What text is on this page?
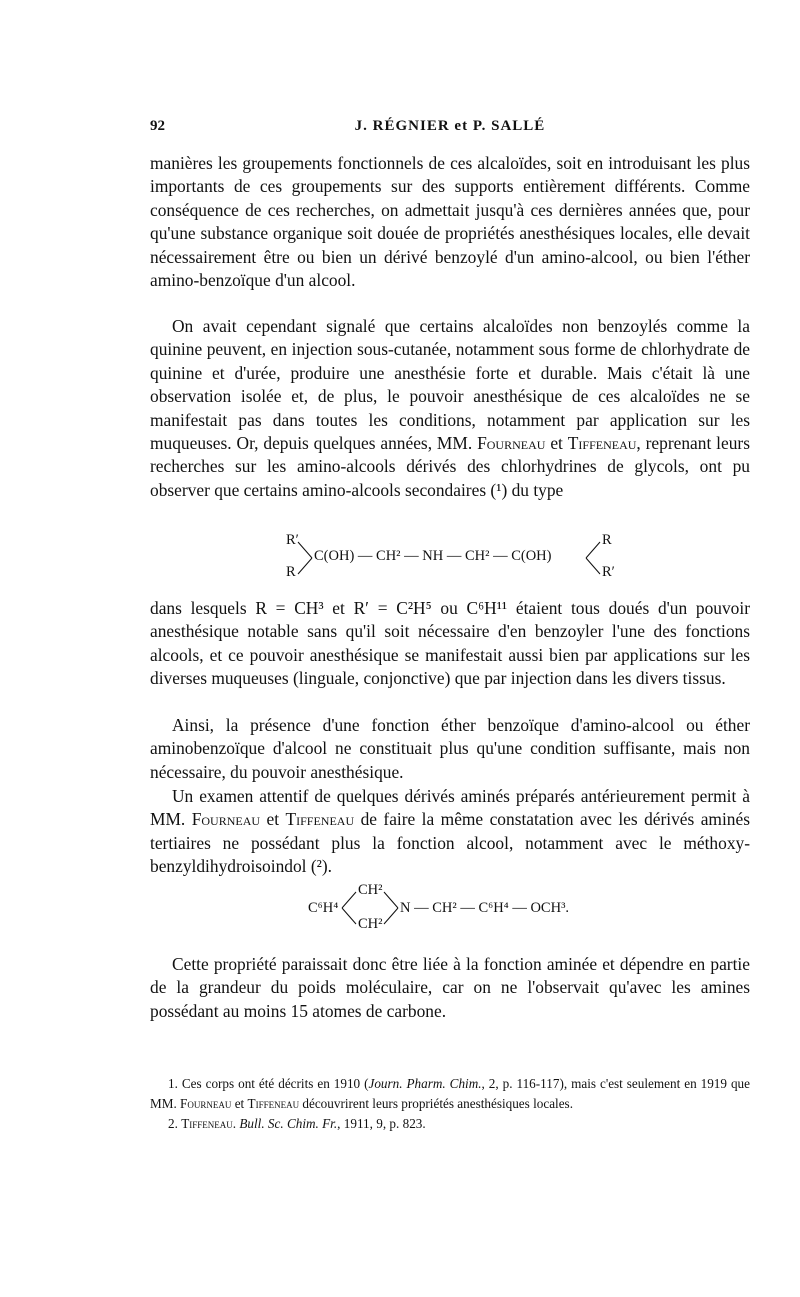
92	J. RÉGNIER et P. SALLÉ

manières les groupements fonctionnels de ces alcaloïdes, soit en introduisant les plus importants de ces groupements sur des supports entièrement différents. Comme conséquence de ces recherches, on admettait jusqu'à ces dernières années que, pour qu'une substance organique soit douée de propriétés anesthésiques locales, elle devait nécessairement être ou bien un dérivé benzoylé d'un amino-alcool, ou bien l'éther amino-benzoïque d'un alcool.

On avait cependant signalé que certains alcaloïdes non benzoylés comme la quinine peuvent, en injection sous-cutanée, notamment sous forme de chlorhydrate de quinine et d'urée, produire une anesthésie forte et durable. Mais c'était là une observation isolée et, de plus, le pouvoir anesthésique de ces alcaloïdes ne se manifestait pas dans toutes les conditions, notamment par application sur les muqueuses. Or, depuis quelques années, MM. Fourneau et Tiffeneau, reprenant leurs recherches sur les amino-alcools dérivés des chlorhydrines de glycols, ont pu observer que certains amino-alcools secondaires (¹) du type

R′
R
C(OH) — CH² — NH — CH² — C(OH)
R
R′

dans lesquels R = CH³ et R′ = C²H⁵ ou C⁶H¹¹ étaient tous doués d'un pouvoir anesthésique notable sans qu'il soit nécessaire d'en benzoyler l'une des fonctions alcools, et ce pouvoir anesthésique se manifestait aussi bien par applications sur les diverses muqueuses (linguale, conjonctive) que par injection dans les divers tissus.

Ainsi, la présence d'une fonction éther benzoïque d'amino-alcool ou éther aminobenzoïque d'alcool ne constituait plus qu'une condition suffisante, mais non nécessaire, du pouvoir anesthésique.

Un examen attentif de quelques dérivés aminés préparés antérieurement permit à MM. Fourneau et Tiffeneau de faire la même constatation avec les dérivés aminés tertiaires ne possédant plus la fonction alcool, notamment avec le méthoxy-benzyldihydroisoindol (²).

C⁶H⁴
CH²
CH²
N — CH² — C⁶H⁴ — OCH³.

Cette propriété paraissait donc être liée à la fonction aminée et dépendre en partie de la grandeur du poids moléculaire, car on ne l'observait qu'avec les amines possédant au moins 15 atomes de carbone.

1. Ces corps ont été décrits en 1910 (Journ. Pharm. Chim., 2, p. 116-117), mais c'est seulement en 1919 que MM. Fourneau et Tiffeneau découvrirent leurs propriétés anesthésiques locales.

2. Tiffeneau. Bull. Sc. Chim. Fr., 1911, 9, p. 823.
